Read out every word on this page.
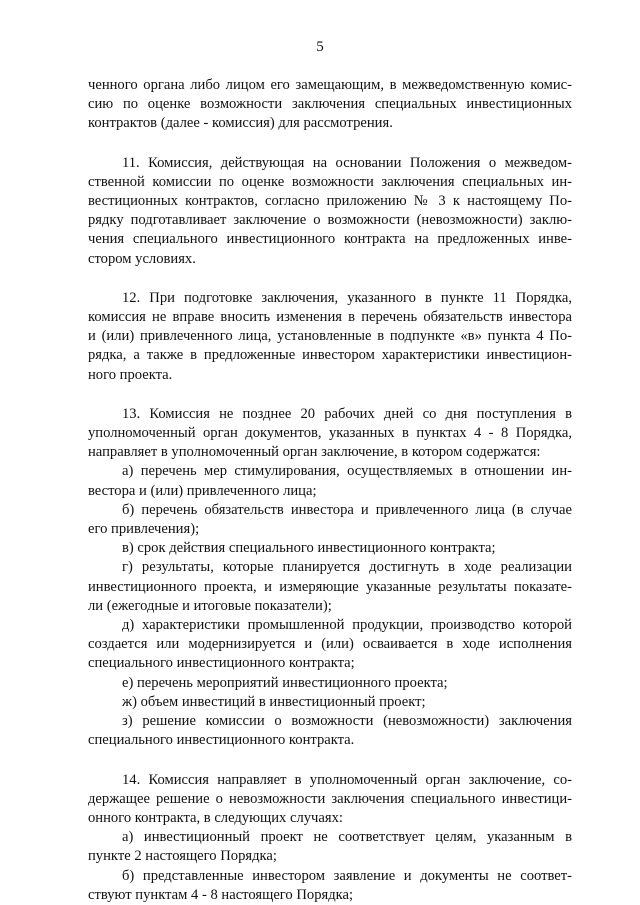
5
ченного органа либо лицом его замещающим, в межведомственную комис-
сию по оценке возможности заключения специальных инвестиционных
контрактов (далее - комиссия) для рассмотрения.
11. Комиссия, действующая на основании Положения о межведом-
ственной комиссии по оценке возможности заключения специальных ин-
вестиционных контрактов, согласно приложению № 3 к настоящему По-
рядку подготавливает заключение о возможности (невозможности) заклю-
чения специального инвестиционного контракта на предложенных инве-
стором условиях.
12. При подготовке заключения, указанного в пункте 11 Порядка,
комиссия не вправе вносить изменения в перечень обязательств инвестора
и (или) привлеченного лица, установленные в подпункте «в» пункта 4 По-
рядка, а также в предложенные инвестором характеристики инвестицион-
ного проекта.
13. Комиссия не позднее 20 рабочих дней со дня поступления в
уполномоченный орган документов, указанных в пунктах 4 - 8 Порядка,
направляет в уполномоченный орган заключение, в котором содержатся:
а) перечень мер стимулирования, осуществляемых в отношении ин-
вестора и (или) привлеченного лица;
б) перечень обязательств инвестора и привлеченного лица (в случае
его привлечения);
в) срок действия специального инвестиционного контракта;
г) результаты, которые планируется достигнуть в ходе реализации
инвестиционного проекта, и измеряющие указанные результаты показате-
ли (ежегодные и итоговые показатели);
д) характеристики промышленной продукции, производство которой
создается или модернизируется и (или) осваивается в ходе исполнения
специального инвестиционного контракта;
е) перечень мероприятий инвестиционного проекта;
ж) объем инвестиций в инвестиционный проект;
з) решение комиссии о возможности (невозможности) заключения
специального инвестиционного контракта.
14. Комиссия направляет в уполномоченный орган заключение, со-
держащее решение о невозможности заключения специального инвестици-
онного контракта, в следующих случаях:
а) инвестиционный проект не соответствует целям, указанным в
пункте 2 настоящего Порядка;
б) представленные инвестором заявление и документы не соответ-
ствуют пунктам 4 - 8 настоящего Порядка;
